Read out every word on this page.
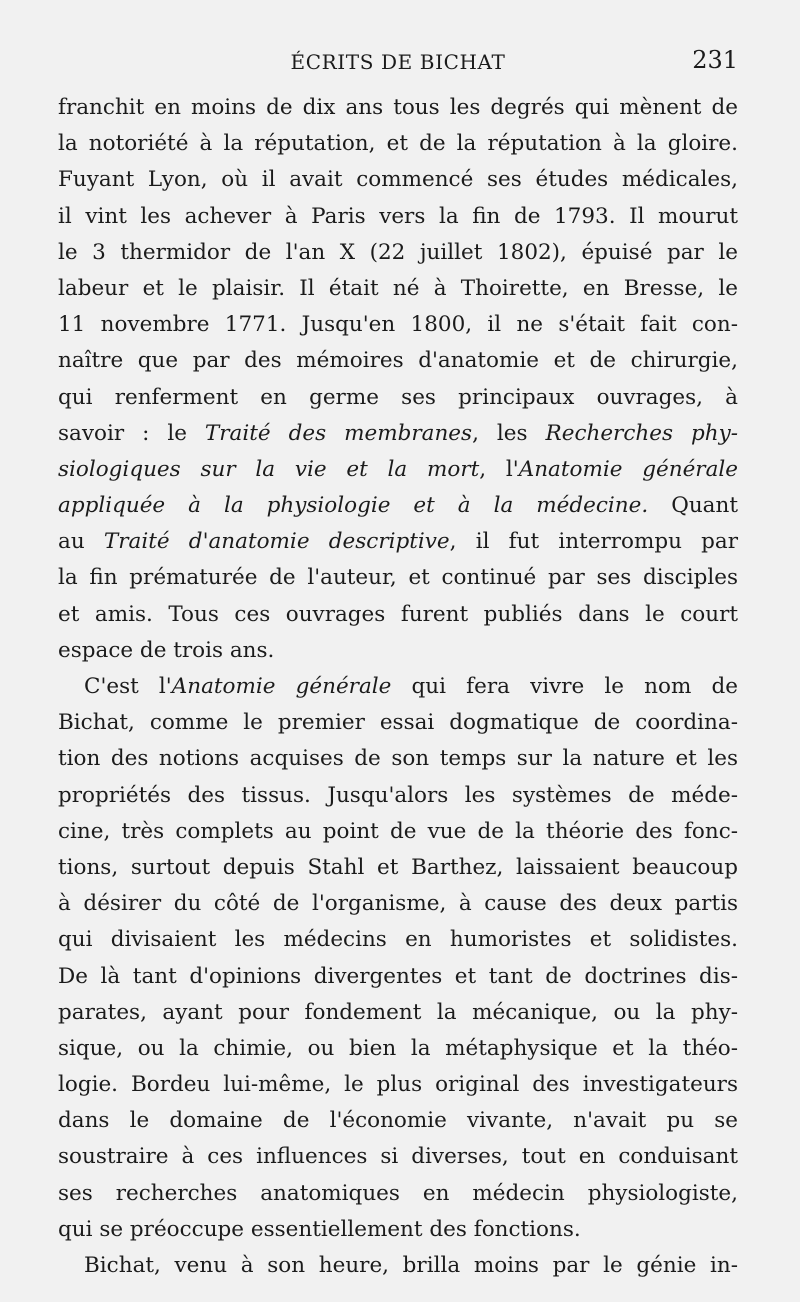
ÉCRITS DE BICHAT	231
franchit en moins de dix ans tous les degrés qui mènent de
la notoriété à la réputation, et de la réputation à la gloire.
Fuyant Lyon, où il avait commencé ses études médicales,
il vint les achever à Paris vers la fin de 1793. Il mourut
le 3 thermidor de l'an X (22 juillet 1802), épuisé par le
labeur et le plaisir. Il était né à Thoirette, en Bresse, le
11 novembre 1771. Jusqu'en 1800, il ne s'était fait con-
naître que par des mémoires d'anatomie et de chirurgie,
qui renferment en germe ses principaux ouvrages, à
savoir : le Traité des membranes, les Recherches phy-
siologiques sur la vie et la mort, l'Anatomie générale
appliquée à la physiologie et à la médecine. Quant
au Traité d'anatomie descriptive, il fut interrompu par
la fin prématurée de l'auteur, et continué par ses disciples
et amis. Tous ces ouvrages furent publiés dans le court
espace de trois ans.
C'est l'Anatomie générale qui fera vivre le nom de
Bichat, comme le premier essai dogmatique de coordina-
tion des notions acquises de son temps sur la nature et les
propriétés des tissus. Jusqu'alors les systèmes de méde-
cine, très complets au point de vue de la théorie des fonc-
tions, surtout depuis Stahl et Barthez, laissaient beaucoup
à désirer du côté de l'organisme, à cause des deux partis
qui divisaient les médecins en humoristes et solidistes.
De là tant d'opinions divergentes et tant de doctrines dis-
parates, ayant pour fondement la mécanique, ou la phy-
sique, ou la chimie, ou bien la métaphysique et la théo-
logie. Bordeu lui-même, le plus original des investigateurs
dans le domaine de l'économie vivante, n'avait pu se
soustraire à ces influences si diverses, tout en conduisant
ses recherches anatomiques en médecin physiologiste,
qui se préoccupe essentiellement des fonctions.
Bichat, venu à son heure, brilla moins par le génie in-
